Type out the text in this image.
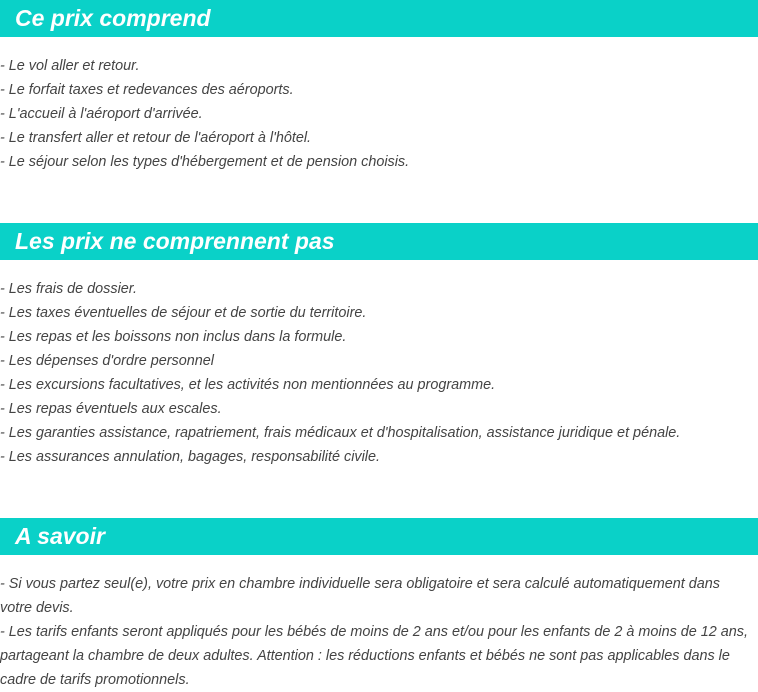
Ce prix comprend
- Le vol aller et retour.
- Le forfait taxes et redevances des aéroports.
- L'accueil à l'aéroport d'arrivée.
- Le transfert aller et retour de l'aéroport à l'hôtel.
- Le séjour selon les types d'hébergement et de pension choisis.
Les prix ne comprennent pas
- Les frais de dossier.
- Les taxes éventuelles de séjour et de sortie du territoire.
- Les repas et les boissons non inclus dans la formule.
- Les dépenses d'ordre personnel
- Les excursions facultatives, et les activités non mentionnées au programme.
- Les repas éventuels aux escales.
- Les garanties assistance, rapatriement, frais médicaux et d'hospitalisation, assistance juridique et pénale.
- Les assurances annulation, bagages, responsabilité civile.
A savoir
- Si vous partez seul(e), votre prix en chambre individuelle sera obligatoire et sera calculé automatiquement dans votre devis.
- Les tarifs enfants seront appliqués pour les bébés de moins de 2 ans et/ou pour les enfants de 2 à moins de 12 ans, partageant la chambre de deux adultes. Attention : les réductions enfants et bébés ne sont pas applicables dans le cadre de tarifs promotionnels.
